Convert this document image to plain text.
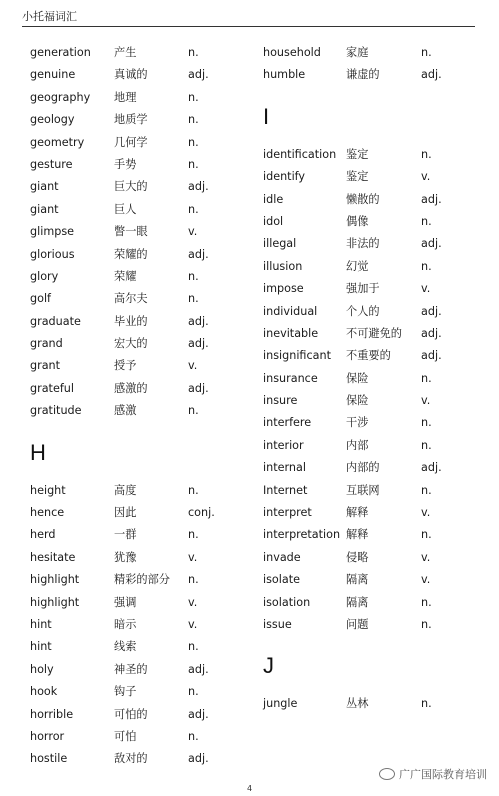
小托福词汇
generation 产生	n.
genuine	真诚的	adj.
geography 地理	n.
geology	地质学	n.
geometry	几何学	n.
gesture	手势	n.
giant	巨大的	adj.
giant	巨人	n.
glimpse	瞥一眼	v.
glorious	荣耀的	adj.
glory	荣耀	n.
golf	高尔夫	n.
graduate	毕业的	adj.
grand	宏大的	adj.
grant	授予	v.
grateful	感激的	adj.
gratitude	感激	n.
H
height	高度	n.
hence	因此	conj.
herd	一群	n.
hesitate	犹豫	v.
highlight	精彩的部分 n.
highlight	强调	v.
hint	暗示	v.
hint	线索	n.
holy	神圣的	adj.
hook	钩子	n.
horrible	可怕的	adj.
horror	可怕	n.
hostile	敌对的	adj.
household 家庭	n.
humble	谦虚的	adj.
I
identification 鉴定	n.
identify	鉴定	v.
idle	懒散的	adj.
idol	偶像	n.
illegal	非法的	adj.
illusion	幻觉	n.
impose	强加于	v.
individual	个人的	adj.
inevitable 不可避免的 adj.
insignificant 不重要的	adj.
insurance	保险	n.
insure	保险	v.
interfere	干涉	n.
interior	内部	n.
internal	内部的	adj.
Internet	互联网	n.
interpret	解释	v.
interpretation 解释	n.
invade	侵略	v.
isolate	隔离	v.
isolation	隔离	n.
issue	问题	n.
J
jungle	丛林	n.
4
广广国际教育培训
